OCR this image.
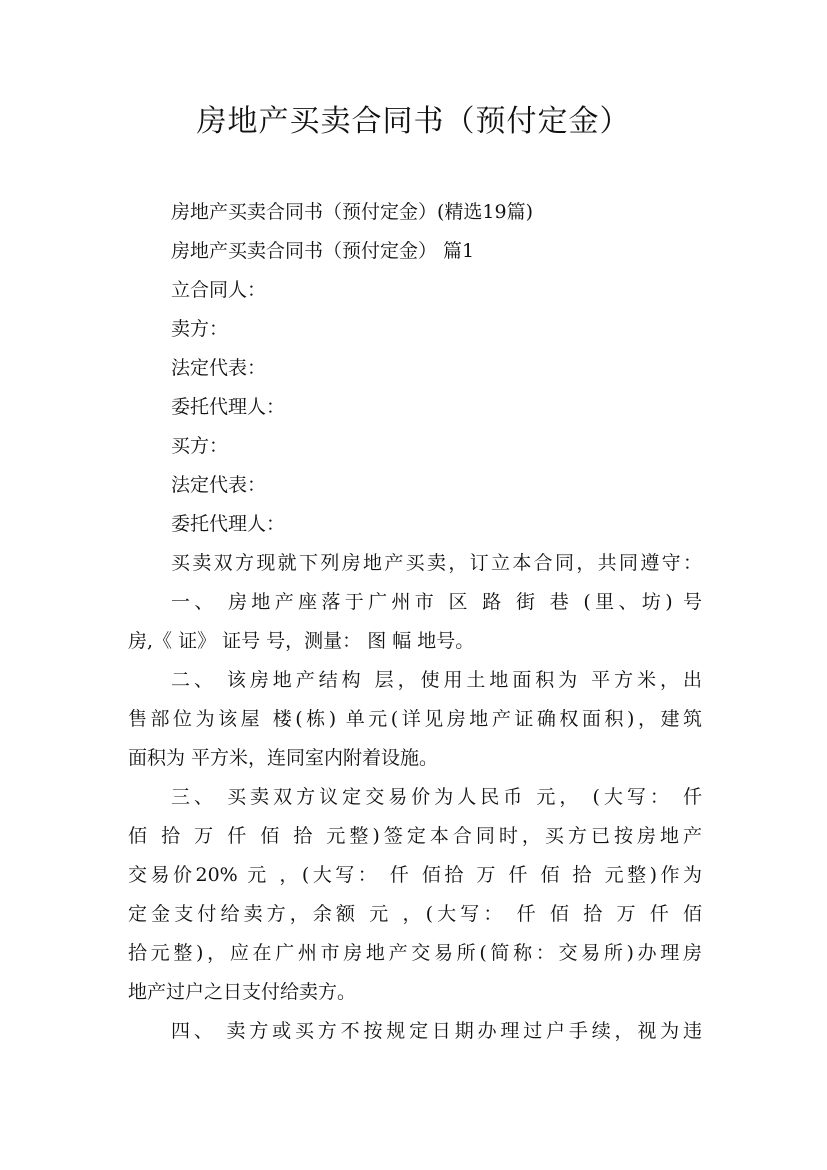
房地产买卖合同书（预付定金）
房地产买卖合同书（预付定金）(精选19篇)
房地产买卖合同书（预付定金） 篇1
立合同人：
卖方：
法定代表：
委托代理人：
买方：
法定代表：
委托代理人：
买卖双方现就下列房地产买卖，订立本合同，共同遵守：
一、 房地产座落于广州市 区 路 街 巷 (里、坊) 号
房,《 证》 证号 号，测量： 图 幅 地号。
二、 该房地产结构 层，使用土地面积为 平方米，出
售部位为该屋 楼(栋) 单元(详见房地产证确权面积)，建筑
面积为 平方米，连同室内附着设施。
三、 买卖双方议定交易价为人民币 元， (大写： 仟
佰 拾 万 仟 佰 拾 元整)签定本合同时，买方已按房地产
交易价20% 元 ，(大写： 仟 佰拾 万 仟 佰 拾 元整)作为
定金支付给卖方，余额 元 ，(大写： 仟 佰 拾 万 仟 佰
拾元整)，应在广州市房地产交易所(简称：交易所)办理房
地产过户之日支付给卖方。
四、 卖方或买方不按规定日期办理过户手续，视为违
